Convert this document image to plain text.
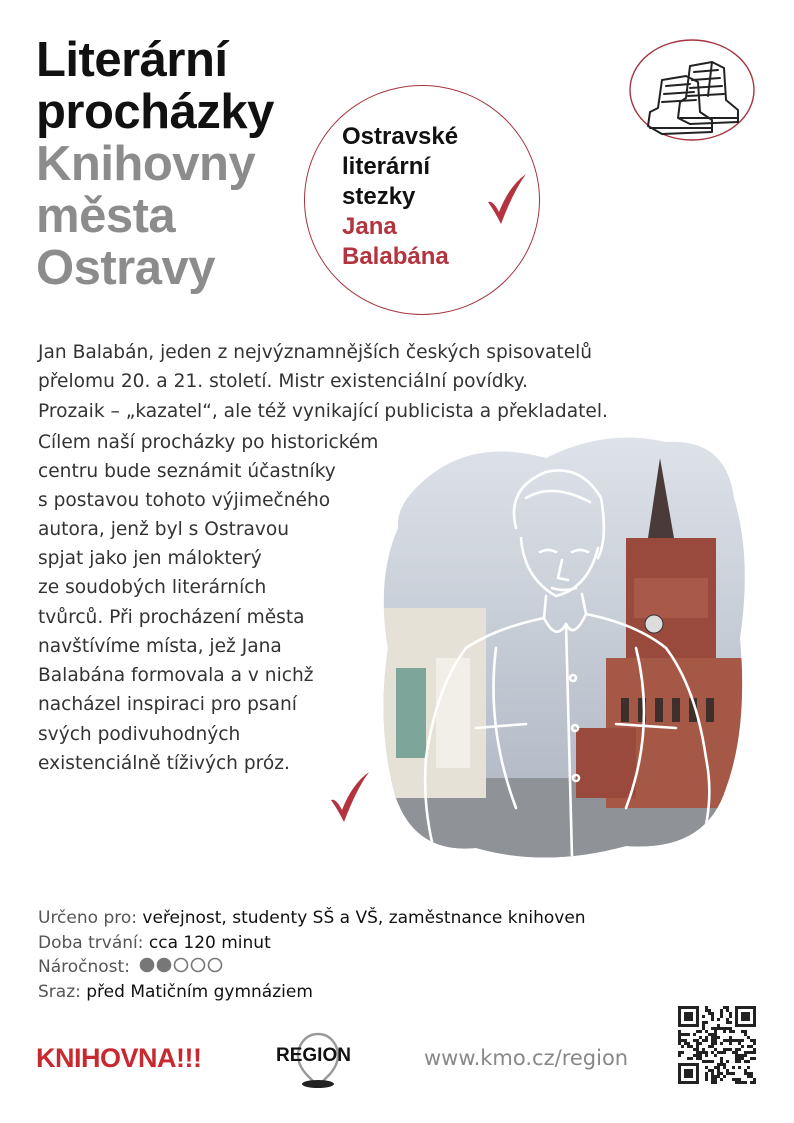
Literární
procházky
Knihovny
města
Ostravy
Ostravské
literární
stezky
Jana
Balabána
Jan Balabán, jeden z nejvýznamnějších českých spisovatelů
přelomu 20. a 21. století. Mistr existenciální povídky.
Prozaik – „kazatel“, ale též vynikající publicista a překladatel.
Cílem naší procházky po historickém
centru bude seznámit účastníky
s postavou tohoto výjimečného
autora, jenž byl s Ostravou
spjat jako jen málokterý
ze soudobých literárních
tvůrců. Při procházení města
navštívíme místa, jež Jana
Balabána formovala a v nichž
nacházel inspiraci pro psaní
svých podivuhodných
existenciálně tíživých próz.
Určeno pro: veřejnost, studenty SŠ a VŠ, zaměstnance knihoven
Doba trvání: cca 120 minut
Náročnost:
Sraz: před Matičním gymnáziem
KNIHOVNA!!!	REGION	www.kmo.cz/region
